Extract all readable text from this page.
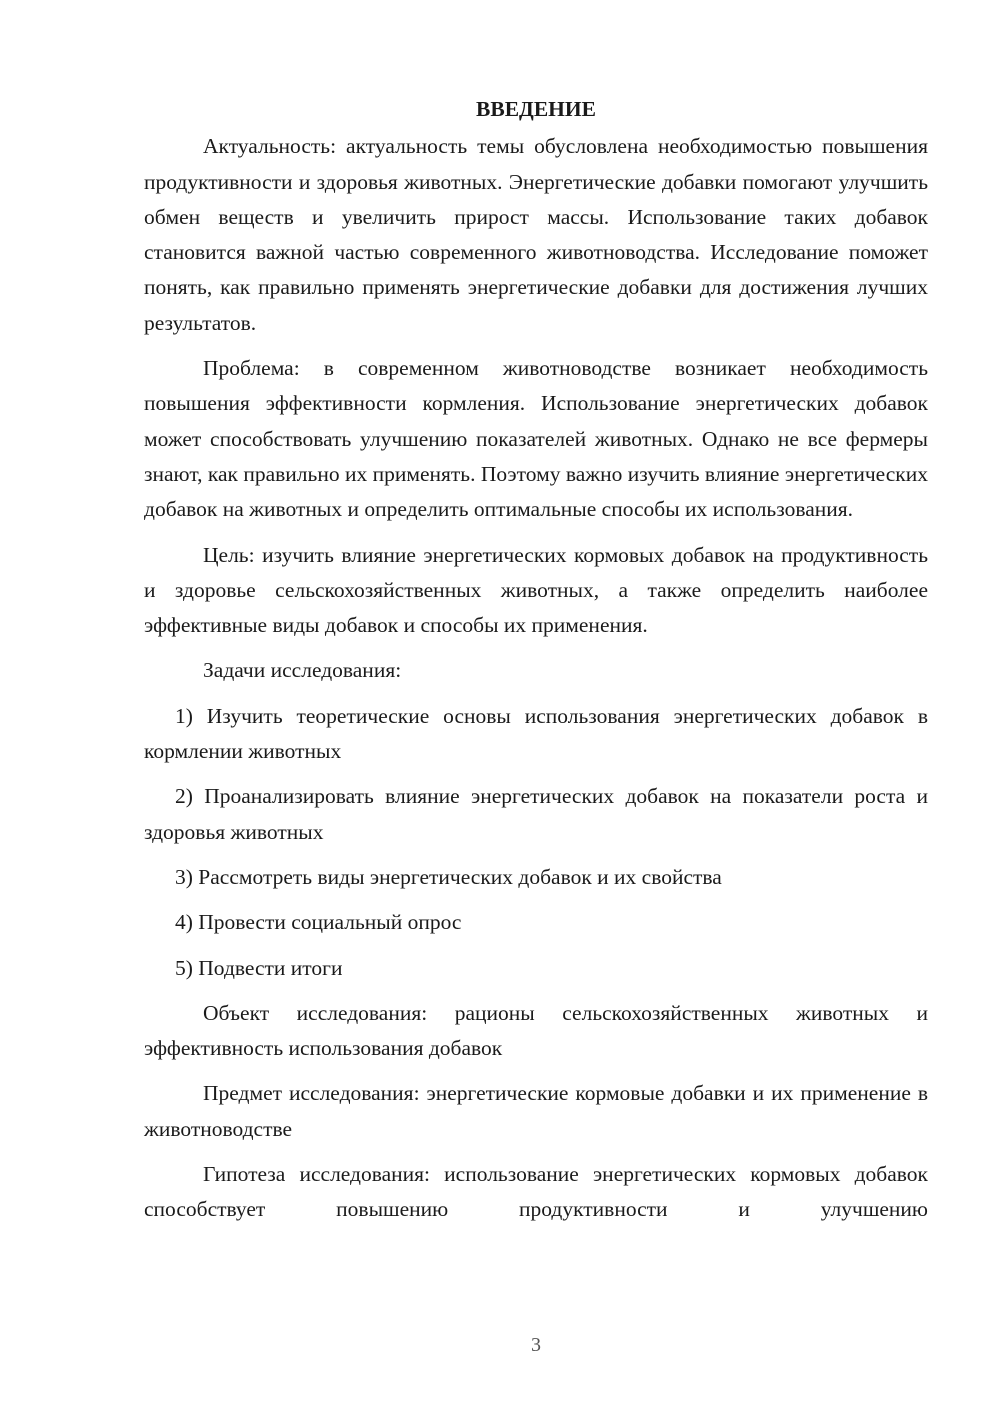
ВВЕДЕНИЕ

Актуальность: актуальность темы обусловлена необходимостью повышения продуктивности и здоровья животных. Энергетические добавки помогают улучшить обмен веществ и увеличить прирост массы. Использование таких добавок становится важной частью современного животноводства. Исследование поможет понять, как правильно применять энергетические добавки для достижения лучших результатов.

Проблема: в современном животноводстве возникает необходимость повышения эффективности кормления. Использование энергетических добавок может способствовать улучшению показателей животных. Однако не все фермеры знают, как правильно их применять. Поэтому важно изучить влияние энергетических добавок на животных и определить оптимальные способы их использования.

Цель: изучить влияние энергетических кормовых добавок на продуктивность и здоровье сельскохозяйственных животных, а также определить наиболее эффективные виды добавок и способы их применения.

Задачи исследования:

1) Изучить теоретические основы использования энергетических добавок в кормлении животных

2) Проанализировать влияние энергетических добавок на показатели роста и здоровья животных

3) Рассмотреть виды энергетических добавок и их свойства

4) Провести социальный опрос

5) Подвести итоги

Объект исследования: рационы сельскохозяйственных животных и эффективность использования добавок

Предмет исследования: энергетические кормовые добавки и их применение в животноводстве

Гипотеза исследования: использование энергетических кормовых добавок способствует повышению продуктивности и улучшению

3
